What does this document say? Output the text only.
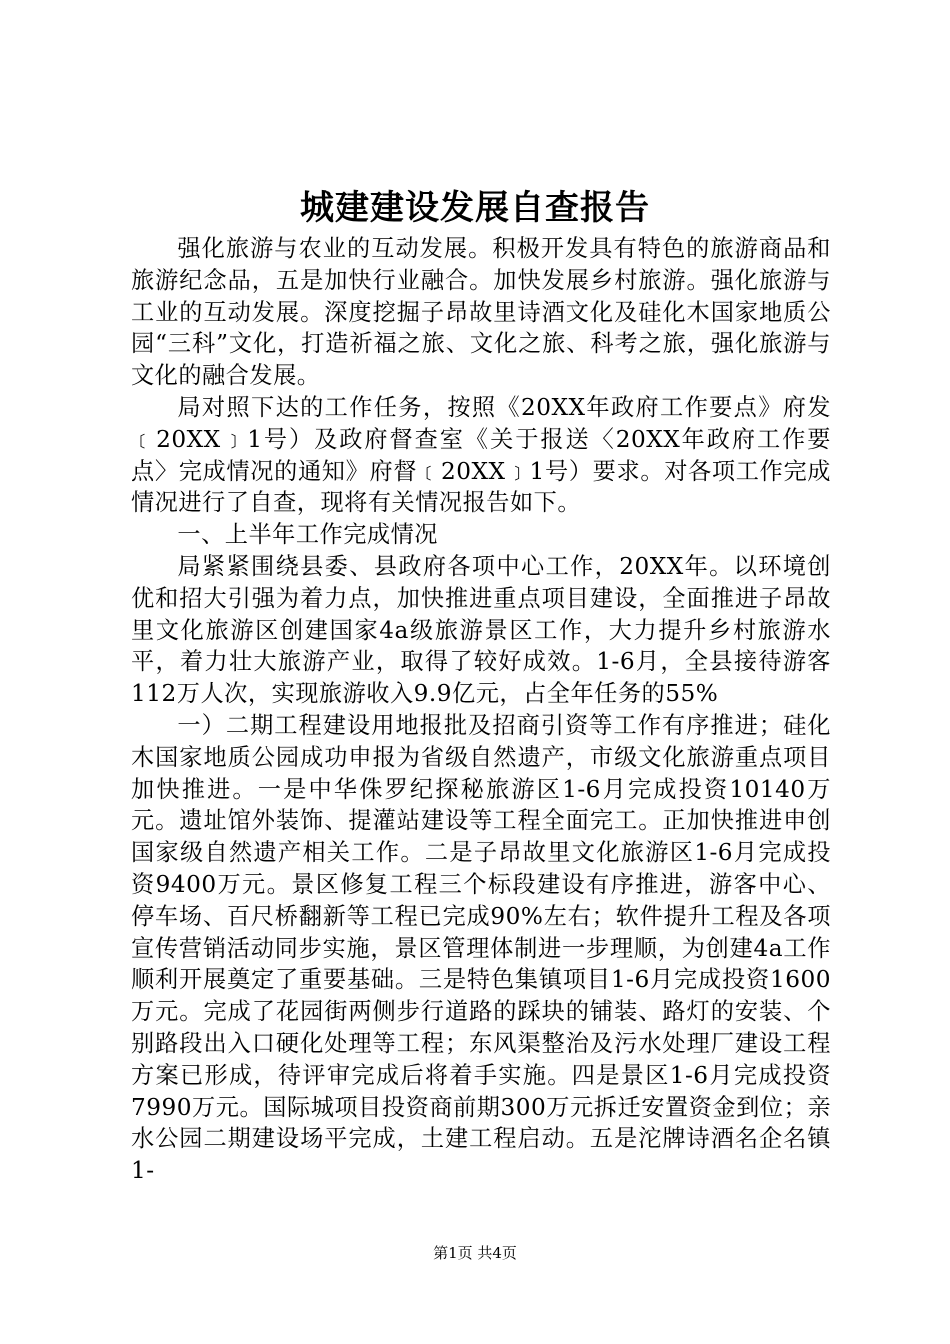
城建建设发展自查报告

强化旅游与农业的互动发展。积极开发具有特色的旅游商品和旅游纪念品，五是加快行业融合。加快发展乡村旅游。强化旅游与工业的互动发展。深度挖掘子昂故里诗酒文化及硅化木国家地质公园“三科”文化，打造祈福之旅、文化之旅、科考之旅，强化旅游与文化的融合发展。

局对照下达的工作任务，按照《20XX年政府工作要点》府发﹝20XX﹞1号）及政府督查室《关于报送〈20XX年政府工作要点〉完成情况的通知》府督﹝20XX﹞1号）要求。对各项工作完成情况进行了自查，现将有关情况报告如下。

一、上半年工作完成情况

局紧紧围绕县委、县政府各项中心工作，20XX年。以环境创优和招大引强为着力点，加快推进重点项目建设，全面推进子昂故里文化旅游区创建国家4a级旅游景区工作，大力提升乡村旅游水平，着力壮大旅游产业，取得了较好成效。1-6月，全县接待游客112万人次，实现旅游收入9.9亿元，占全年任务的55%

一）二期工程建设用地报批及招商引资等工作有序推进；硅化木国家地质公园成功申报为省级自然遗产，市级文化旅游重点项目加快推进。一是中华侏罗纪探秘旅游区1-6月完成投资10140万元。遗址馆外装饰、提灌站建设等工程全面完工。正加快推进申创国家级自然遗产相关工作。二是子昂故里文化旅游区1-6月完成投资9400万元。景区修复工程三个标段建设有序推进，游客中心、停车场、百尺桥翻新等工程已完成90%左右；软件提升工程及各项宣传营销活动同步实施，景区管理体制进一步理顺，为创建4a工作顺利开展奠定了重要基础。三是特色集镇项目1-6月完成投资1600万元。完成了花园街两侧步行道路的踩块的铺装、路灯的安装、个别路段出入口硬化处理等工程；东风渠整治及污水处理厂建设工程方案已形成，待评审完成后将着手实施。四是景区1-6月完成投资7990万元。国际城项目投资商前期300万元拆迁安置资金到位；亲水公园二期建设场平完成，土建工程启动。五是沱牌诗酒名企名镇1-

第1页 共4页
